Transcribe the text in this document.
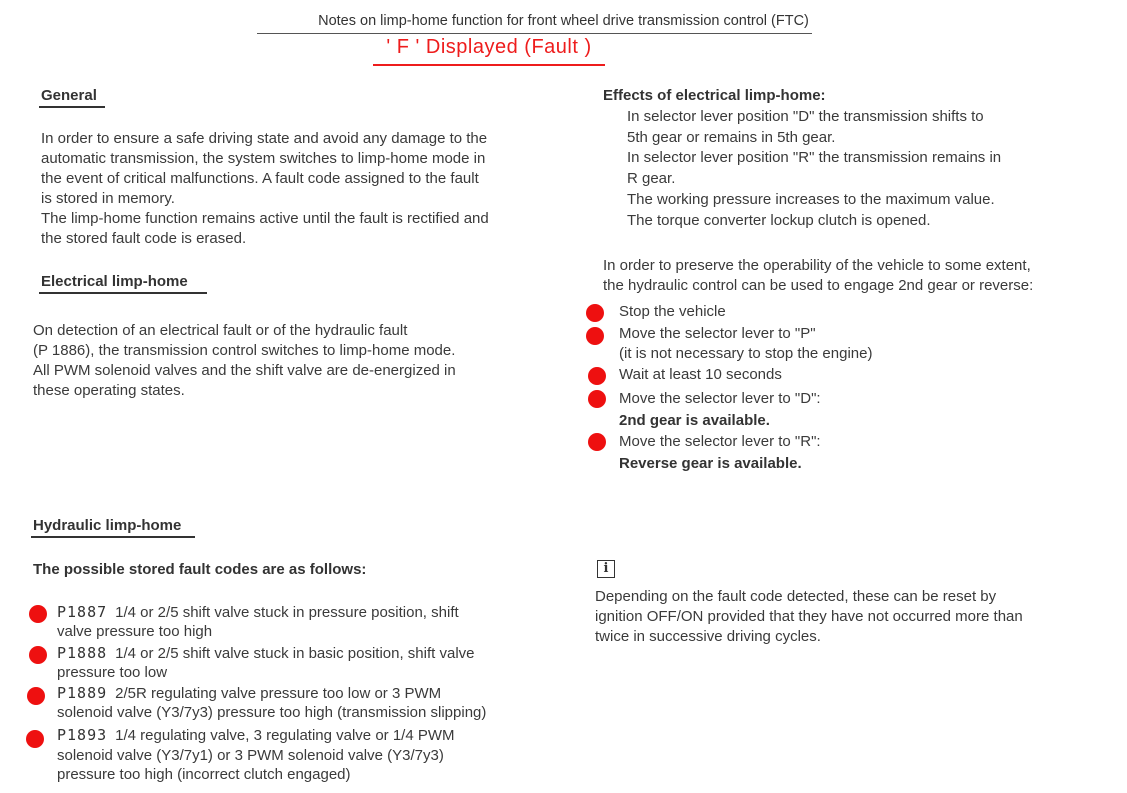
Notes on limp-home function for front wheel drive transmission control (FTC)
' F ' Displayed (Fault )
General
In order to ensure a safe driving state and avoid any damage to the
automatic transmission, the system switches to limp-home mode in
the event of critical malfunctions. A fault code assigned to the fault
is stored in memory.
The limp-home function remains active until the fault is rectified and
the stored fault code is erased.
Electrical limp-home
On detection of an electrical fault or of the hydraulic fault
(P 1886), the transmission control switches to limp-home mode.
All PWM solenoid valves and the shift valve are de-energized in
these operating states.
Effects of electrical limp-home:
In selector lever position "D" the transmission shifts to
5th gear or remains in 5th gear.
In selector lever position "R" the transmission remains in
R gear.
The working pressure increases to the maximum value.
The torque converter lockup clutch is opened.
In order to preserve the operability of the vehicle to some extent,
the hydraulic control can be used to engage 2nd gear or reverse:
Stop the vehicle
Move the selector lever to "P"
(it is not necessary to stop the engine)
Wait at least 10 seconds
Move the selector lever to "D":
2nd gear is available.
Move the selector lever to "R":
Reverse gear is available.
Hydraulic limp-home
The possible stored fault codes are as follows:
P1887 1/4 or 2/5 shift valve stuck in pressure position, shift
valve pressure too high
P1888 1/4 or 2/5 shift valve stuck in basic position, shift valve
pressure too low
P1889 2/5R regulating valve pressure too low or 3 PWM
solenoid valve (Y3/7y3) pressure too high (transmission slipping)
P1893 1/4 regulating valve, 3 regulating valve or 1/4 PWM
solenoid valve (Y3/7y1) or 3 PWM solenoid valve (Y3/7y3)
pressure too high (incorrect clutch engaged)
i
Depending on the fault code detected, these can be reset by
ignition OFF/ON provided that they have not occurred more than
twice in successive driving cycles.
